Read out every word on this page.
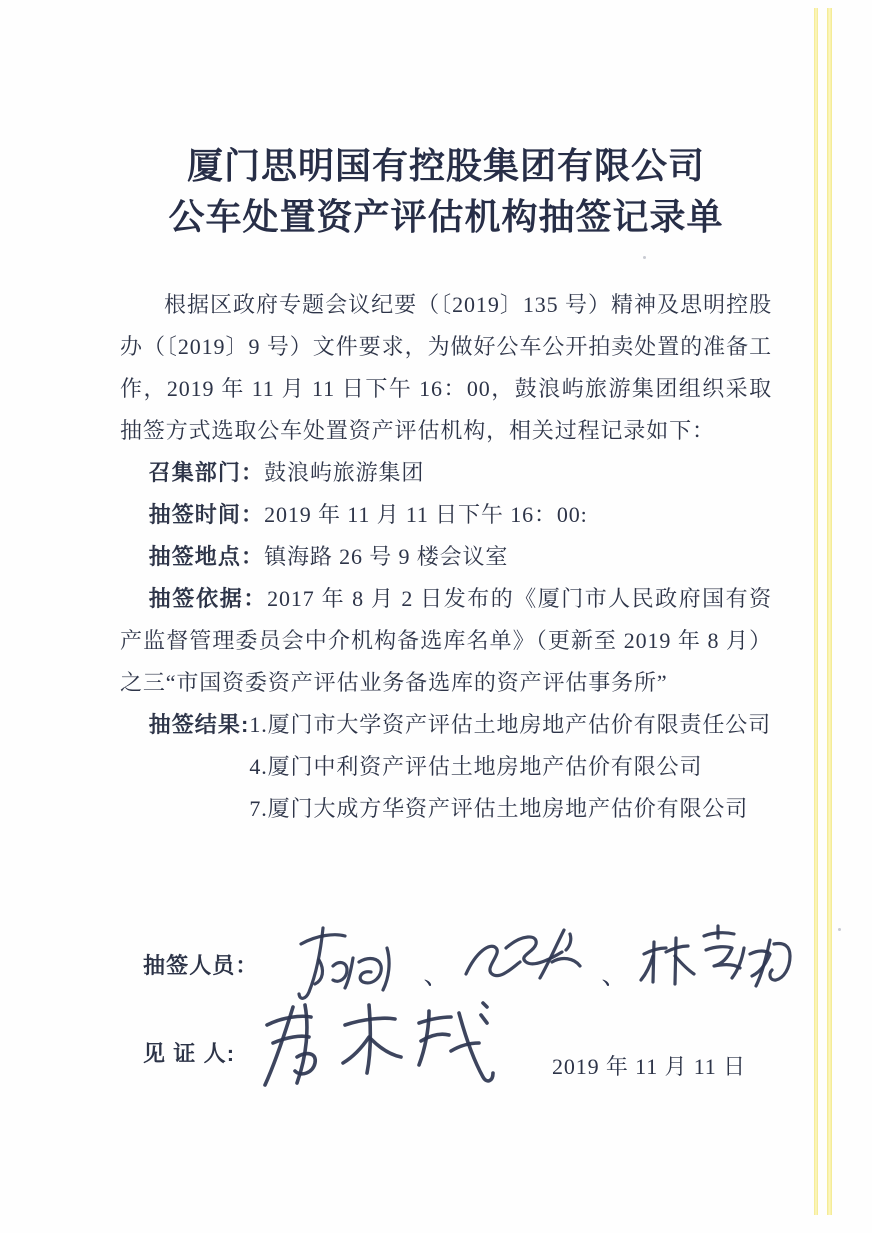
厦门思明国有控股集团有限公司
公车处置资产评估机构抽签记录单

根据区政府专题会议纪要（〔2019〕135 号）精神及思明控股办（〔2019〕9 号）文件要求，为做好公车公开拍卖处置的准备工作，2019 年 11 月 11 日下午 16：00，鼓浪屿旅游集团组织采取抽签方式选取公车处置资产评估机构，相关过程记录如下：

召集部门：鼓浪屿旅游集团

抽签时间：2019 年 11 月 11 日下午 16：00:

抽签地点：镇海路 26 号 9 楼会议室

抽签依据：2017 年 8 月 2 日发布的《厦门市人民政府国有资产监督管理委员会中介机构备选库名单》（更新至 2019 年 8 月）之三“市国资委资产评估业务备选库的资产评估事务所”

抽签结果: 1.厦门市大学资产评估土地房地产估价有限责任公司
4.厦门中利资产评估土地房地产估价有限公司
7.厦门大成方华资产评估土地房地产估价有限公司
抽签人员：	、	、
见 证 人:
2019 年 11 月 11 日
